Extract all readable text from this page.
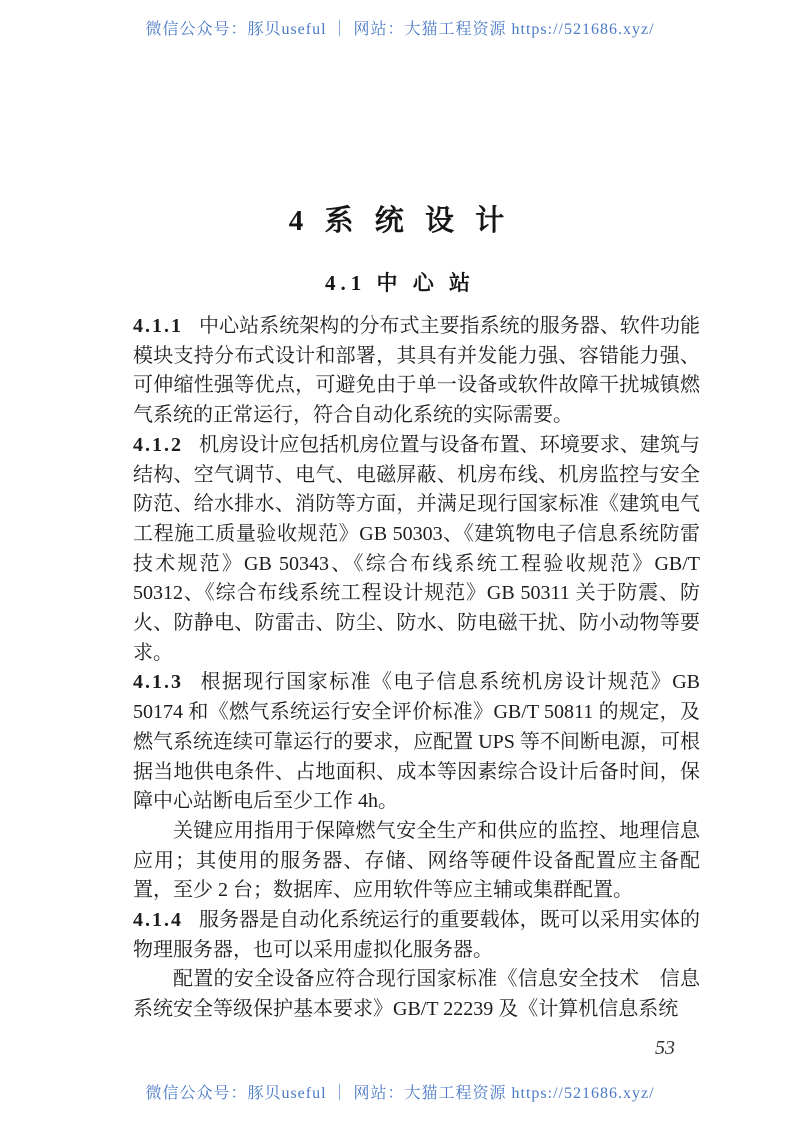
微信公众号：豚贝useful ｜ 网站：大猫工程资源 https://521686.xyz/
4 系 统 设 计
4.1 中 心 站

4.1.1 中心站系统架构的分布式主要指系统的服务器、软件功能模块支持分布式设计和部署，其具有并发能力强、容错能力强、可伸缩性强等优点，可避免由于单一设备或软件故障干扰城镇燃气系统的正常运行，符合自动化系统的实际需要。

4.1.2 机房设计应包括机房位置与设备布置、环境要求、建筑与结构、空气调节、电气、电磁屏蔽、机房布线、机房监控与安全防范、给水排水、消防等方面，并满足现行国家标准《建筑电气工程施工质量验收规范》GB 50303、《建筑物电子信息系统防雷技术规范》GB 50343、《综合布线系统工程验收规范》GB/T 50312、《综合布线系统工程设计规范》GB 50311 关于防震、防火、防静电、防雷击、防尘、防水、防电磁干扰、防小动物等要求。

4.1.3 根据现行国家标准《电子信息系统机房设计规范》GB 50174 和《燃气系统运行安全评价标准》GB/T 50811 的规定，及燃气系统连续可靠运行的要求，应配置 UPS 等不间断电源，可根据当地供电条件、占地面积、成本等因素综合设计后备时间，保障中心站断电后至少工作 4h。

关键应用指用于保障燃气安全生产和供应的监控、地理信息应用；其使用的服务器、存储、网络等硬件设备配置应主备配置，至少 2 台；数据库、应用软件等应主辅或集群配置。

4.1.4 服务器是自动化系统运行的重要载体，既可以采用实体的物理服务器，也可以采用虚拟化服务器。

配置的安全设备应符合现行国家标准《信息安全技术　信息系统安全等级保护基本要求》GB/T 22239 及《计算机信息系统

53
微信公众号：豚贝useful ｜ 网站：大猫工程资源 https://521686.xyz/
